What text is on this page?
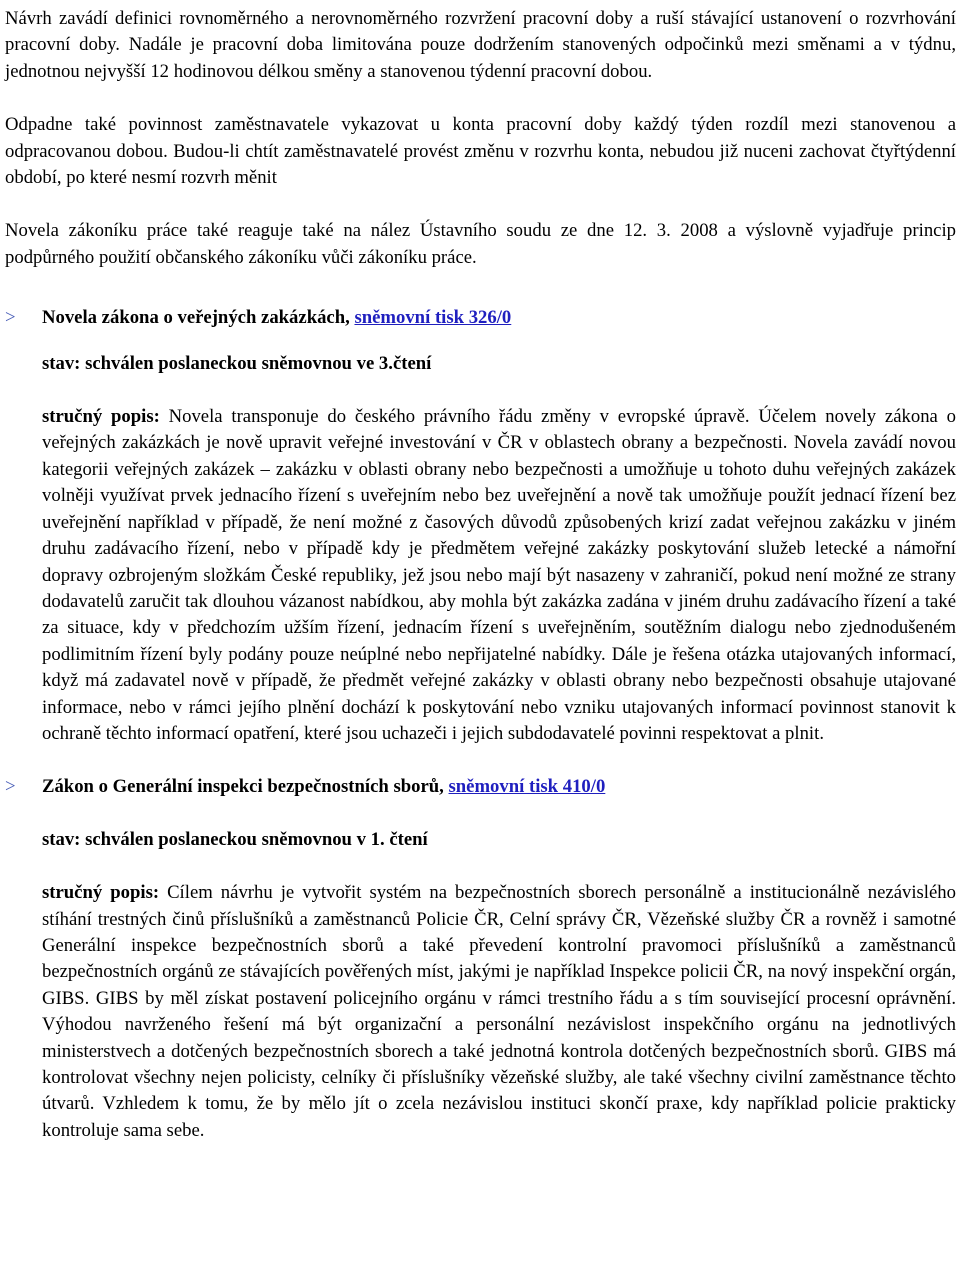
Návrh zavádí definici rovnoměrného a nerovnoměrného rozvržení pracovní doby a ruší stávající ustanovení o rozvrhování pracovní doby. Nadále je pracovní doba limitována pouze dodržením stanovených odpočinků mezi směnami a v týdnu, jednotnou nejvyšší 12 hodinovou délkou směny a stanovenou týdenní pracovní dobou.

Odpadne také povinnost zaměstnavatele vykazovat u konta pracovní doby každý týden rozdíl mezi stanovenou a odpracovanou dobou. Budou-li chtít zaměstnavatelé provést změnu v rozvrhu konta, nebudou již nuceni zachovat čtyřtýdenní období, po které nesmí rozvrh měnit

Novela zákoníku práce také reaguje také na nález Ústavního soudu ze dne 12. 3. 2008 a výslovně vyjadřuje princip podpůrného použití občanského zákoníku vůči zákoníku práce.

> Novela zákona o veřejných zakázkách, sněmovní tisk 326/0
stav: schválen poslaneckou sněmovnou ve 3.čtení

stručný popis: Novela transponuje do českého právního řádu změny v evropské úpravě. Účelem novely zákona o veřejných zakázkách je nově upravit veřejné investování v ČR v oblastech obrany a bezpečnosti. Novela zavádí novou kategorii veřejných zakázek – zakázku v oblasti obrany nebo bezpečnosti a umožňuje u tohoto duhu veřejných zakázek volněji využívat prvek jednacího řízení s uveřejním nebo bez uveřejnění a nově tak umožňuje použít jednací řízení bez uveřejnění například v případě, že není možné z časových důvodů způsobených krizí zadat veřejnou zakázku v jiném druhu zadávacího řízení, nebo v případě kdy je předmětem veřejné zakázky poskytování služeb letecké a námořní dopravy ozbrojeným složkám České republiky, jež jsou nebo mají být nasazeny v zahraničí, pokud není možné ze strany dodavatelů zaručit tak dlouhou vázanost nabídkou, aby mohla být zakázka zadána v jiném druhu zadávacího řízení a také za situace, kdy v předchozím užším řízení, jednacím řízení s uveřejněním, soutěžním dialogu nebo zjednodušeném podlimitním řízení byly podány pouze neúplné nebo nepřijatelné nabídky. Dále je řešena otázka utajovaných informací, když má zadavatel nově v případě, že předmět veřejné zakázky v oblasti obrany nebo bezpečnosti obsahuje utajované informace, nebo v rámci jejího plnění dochází k poskytování nebo vzniku utajovaných informací povinnost stanovit k ochraně těchto informací opatření, které jsou uchazeči i jejich subdodavatelé povinni respektovat a plnit.

> Zákon o Generální inspekci bezpečnostních sborů, sněmovní tisk 410/0
stav: schválen poslaneckou sněmovnou v 1. čtení

stručný popis: Cílem návrhu je vytvořit systém na bezpečnostních sborech personálně a institucionálně nezávislého stíhání trestných činů příslušníků a zaměstnanců Policie ČR, Celní správy ČR, Vězeňské služby ČR a rovněž i samotné Generální inspekce bezpečnostních sborů a také převedení kontrolní pravomoci příslušníků a zaměstnanců bezpečnostních orgánů ze stávajících pověřených míst, jakými je například Inspekce policii ČR, na nový inspekční orgán, GIBS. GIBS by měl získat postavení policejního orgánu v rámci trestního řádu a s tím související procesní oprávnění. Výhodou navrženého řešení má být organizační a personální nezávislost inspekčního orgánu na jednotlivých ministerstvech a dotčených bezpečnostních sborech a také jednotná kontrola dotčených bezpečnostních sborů. GIBS má kontrolovat všechny nejen policisty, celníky či příslušníky vězeňské služby, ale také všechny civilní zaměstnance těchto útvarů. Vzhledem k tomu, že by mělo jít o zcela nezávislou instituci skončí praxe, kdy například policie prakticky kontroluje sama sebe.
